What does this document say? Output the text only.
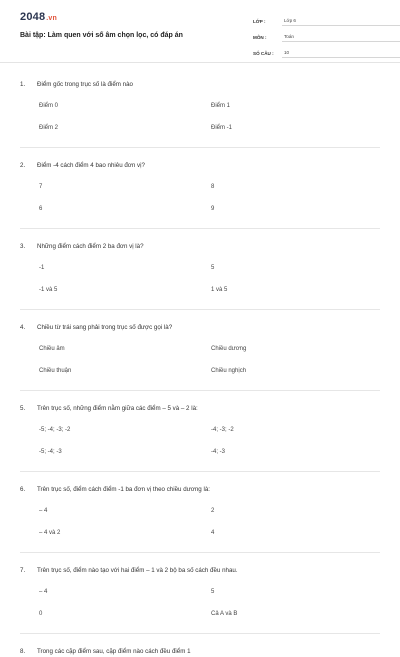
2048.vn
Bài tập: Làm quen với số âm chọn lọc, có đáp án
LỚP :	Lớp 6
MÔN :	Toán
SỐ CÂU :	10
1.	Điểm gốc trong trục số là điểm nào
Điểm 0	Điểm 1
Điểm 2	Điểm -1
2.	Điểm -4 cách điểm 4 bao nhiêu đơn vị?
7	8
6	9
3.	Những điểm cách điểm 2 ba đơn vị là?
-1	5
-1 và 5	1 và 5
4.	Chiều từ trái sang phải trong trục số được gọi là?
Chiều âm	Chiều dương
Chiều thuận	Chiều nghịch
5.	Trên trục số, những điểm nằm giữa các điểm – 5 và – 2 là:
-5; -4; -3; -2	-4; -3; -2
-5; -4; -3	-4; -3
6.	Trên trục số, điểm cách điểm -1 ba đơn vị theo chiều dương là:
– 4	2
– 4 và 2	4
7.	Trên trục số, điểm nào tạo với hai điểm – 1 và 2 bộ ba số cách đều nhau.
– 4	5
0	Cả A và B
8.	Trong các cặp điểm sau, cặp điểm nào cách đều điểm 1
